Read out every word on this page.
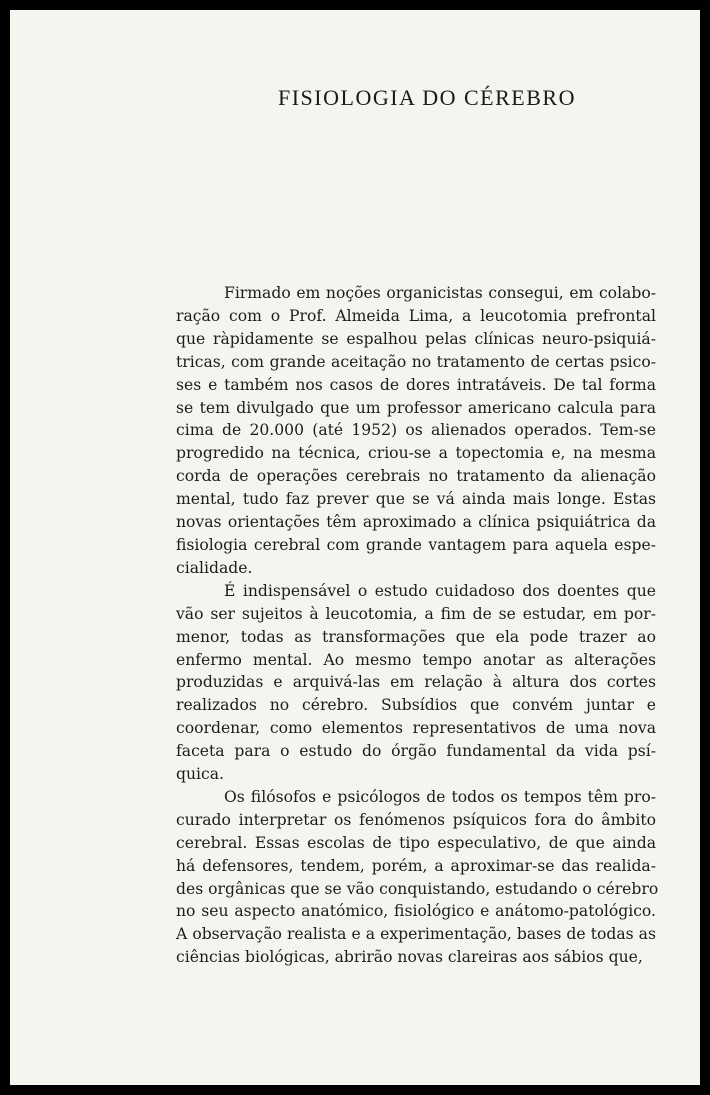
FISIOLOGIA DO CÉREBRO

Firmado em noções organicistas consegui, em colabo-
ração com o Prof. Almeida Lima, a leucotomia prefrontal
que ràpidamente se espalhou pelas clínicas neuro-psiquiá-
tricas, com grande aceitação no tratamento de certas psico-
ses e também nos casos de dores intratáveis. De tal forma
se tem divulgado que um professor americano calcula para
cima de 20.000 (até 1952) os alienados operados. Tem-se
progredido na técnica, criou-se a topectomia e, na mesma
corda de operações cerebrais no tratamento da alienação
mental, tudo faz prever que se vá ainda mais longe. Estas
novas orientações têm aproximado a clínica psiquiátrica da
fisiologia cerebral com grande vantagem para aquela espe-
cialidade.

É indispensável o estudo cuidadoso dos doentes que
vão ser sujeitos à leucotomia, a fim de se estudar, em por-
menor, todas as transformações que ela pode trazer ao
enfermo mental. Ao mesmo tempo anotar as alterações
produzidas e arquivá-las em relação à altura dos cortes
realizados no cérebro. Subsídios que convém juntar e
coordenar, como elementos representativos de uma nova
faceta para o estudo do órgão fundamental da vida psí-
quica.

Os filósofos e psicólogos de todos os tempos têm pro-
curado interpretar os fenómenos psíquicos fora do âmbito
cerebral. Essas escolas de tipo especulativo, de que ainda
há defensores, tendem, porém, a aproximar-se das realida-
des orgânicas que se vão conquistando, estudando o cérebro
no seu aspecto anatómico, fisiológico e anátomo-patológico.
A observação realista e a experimentação, bases de todas as
ciências biológicas, abrirão novas clareiras aos sábios que,
